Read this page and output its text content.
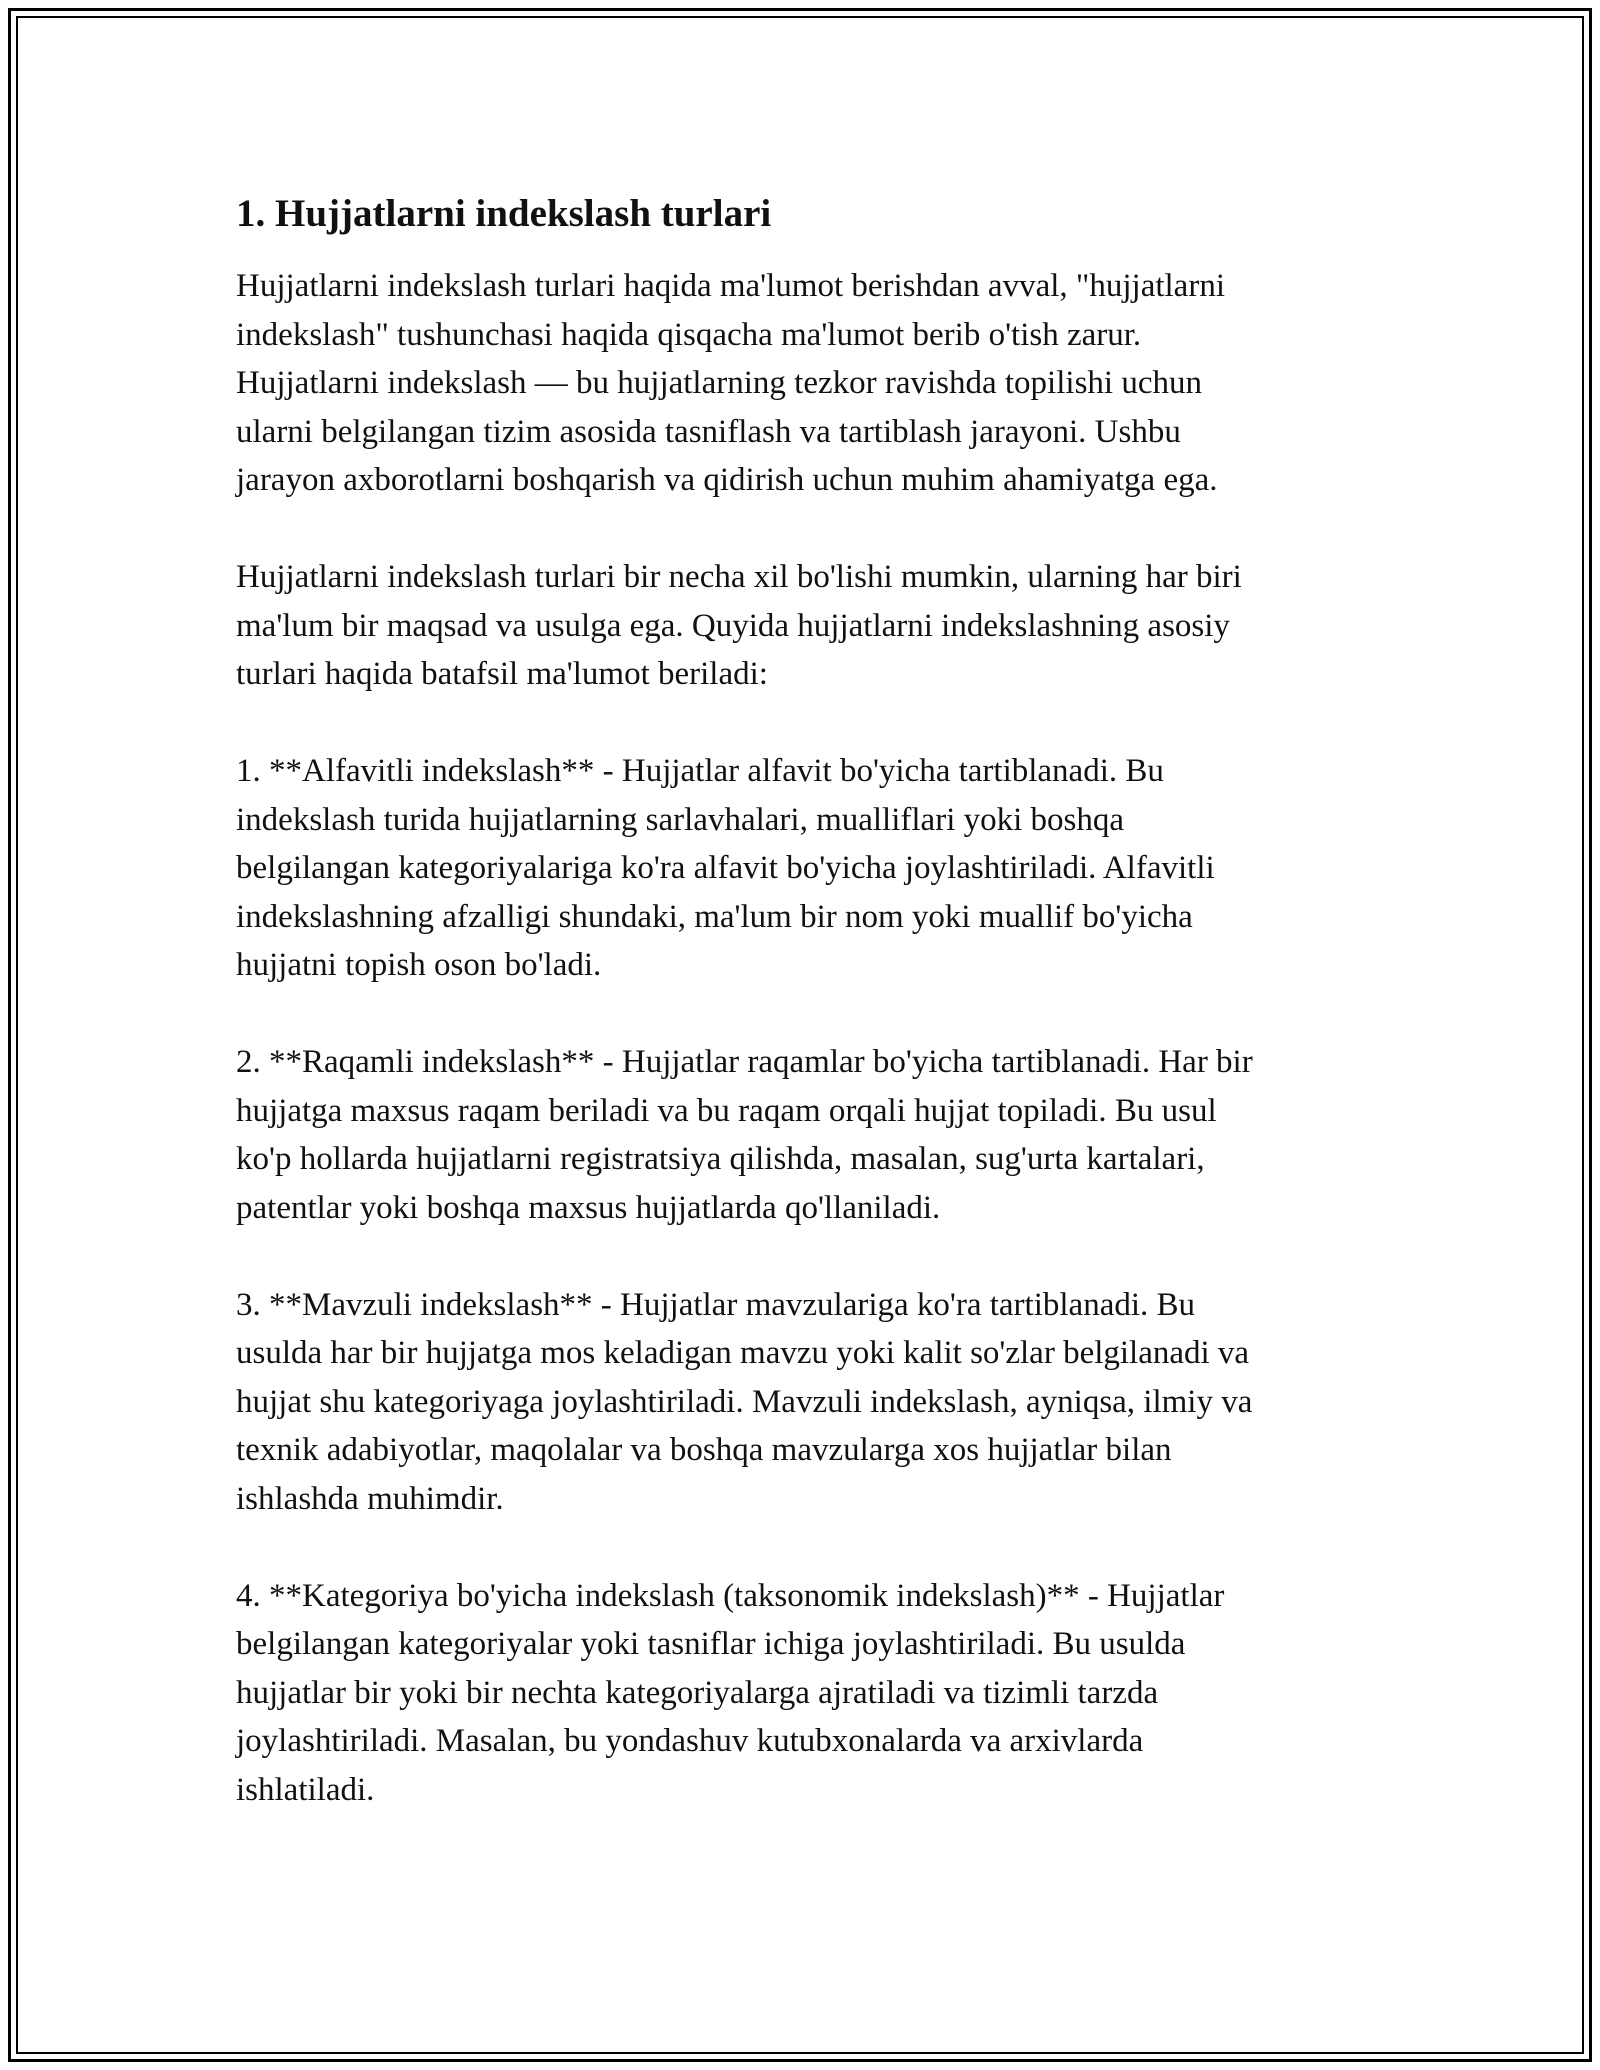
1. Hujjatlarni indekslash turlari

Hujjatlarni indekslash turlari haqida ma'lumot berishdan avval, "hujjatlarni
indekslash" tushunchasi haqida qisqacha ma'lumot berib o'tish zarur.
Hujjatlarni indekslash — bu hujjatlarning tezkor ravishda topilishi uchun
ularni belgilangan tizim asosida tasniflash va tartiblash jarayoni. Ushbu
jarayon axborotlarni boshqarish va qidirish uchun muhim ahamiyatga ega.

Hujjatlarni indekslash turlari bir necha xil bo'lishi mumkin, ularning har biri
ma'lum bir maqsad va usulga ega. Quyida hujjatlarni indekslashning asosiy
turlari haqida batafsil ma'lumot beriladi:

1. **Alfavitli indekslash** - Hujjatlar alfavit bo'yicha tartiblanadi. Bu
indekslash turida hujjatlarning sarlavhalari, mualliflari yoki boshqa
belgilangan kategoriyalariga ko'ra alfavit bo'yicha joylashtiriladi. Alfavitli
indekslashning afzalligi shundaki, ma'lum bir nom yoki muallif bo'yicha
hujjatni topish oson bo'ladi.

2. **Raqamli indekslash** - Hujjatlar raqamlar bo'yicha tartiblanadi. Har bir
hujjatga maxsus raqam beriladi va bu raqam orqali hujjat topiladi. Bu usul
ko'p hollarda hujjatlarni registratsiya qilishda, masalan, sug'urta kartalari,
patentlar yoki boshqa maxsus hujjatlarda qo'llaniladi.

3. **Mavzuli indekslash** - Hujjatlar mavzulariga ko'ra tartiblanadi. Bu
usulda har bir hujjatga mos keladigan mavzu yoki kalit so'zlar belgilanadi va
hujjat shu kategoriyaga joylashtiriladi. Mavzuli indekslash, ayniqsa, ilmiy va
texnik adabiyotlar, maqolalar va boshqa mavzularga xos hujjatlar bilan
ishlashda muhimdir.

4. **Kategoriya bo'yicha indekslash (taksonomik indekslash)** - Hujjatlar
belgilangan kategoriyalar yoki tasniflar ichiga joylashtiriladi. Bu usulda
hujjatlar bir yoki bir nechta kategoriyalarga ajratiladi va tizimli tarzda
joylashtiriladi. Masalan, bu yondashuv kutubxonalarda va arxivlarda
ishlatiladi.
